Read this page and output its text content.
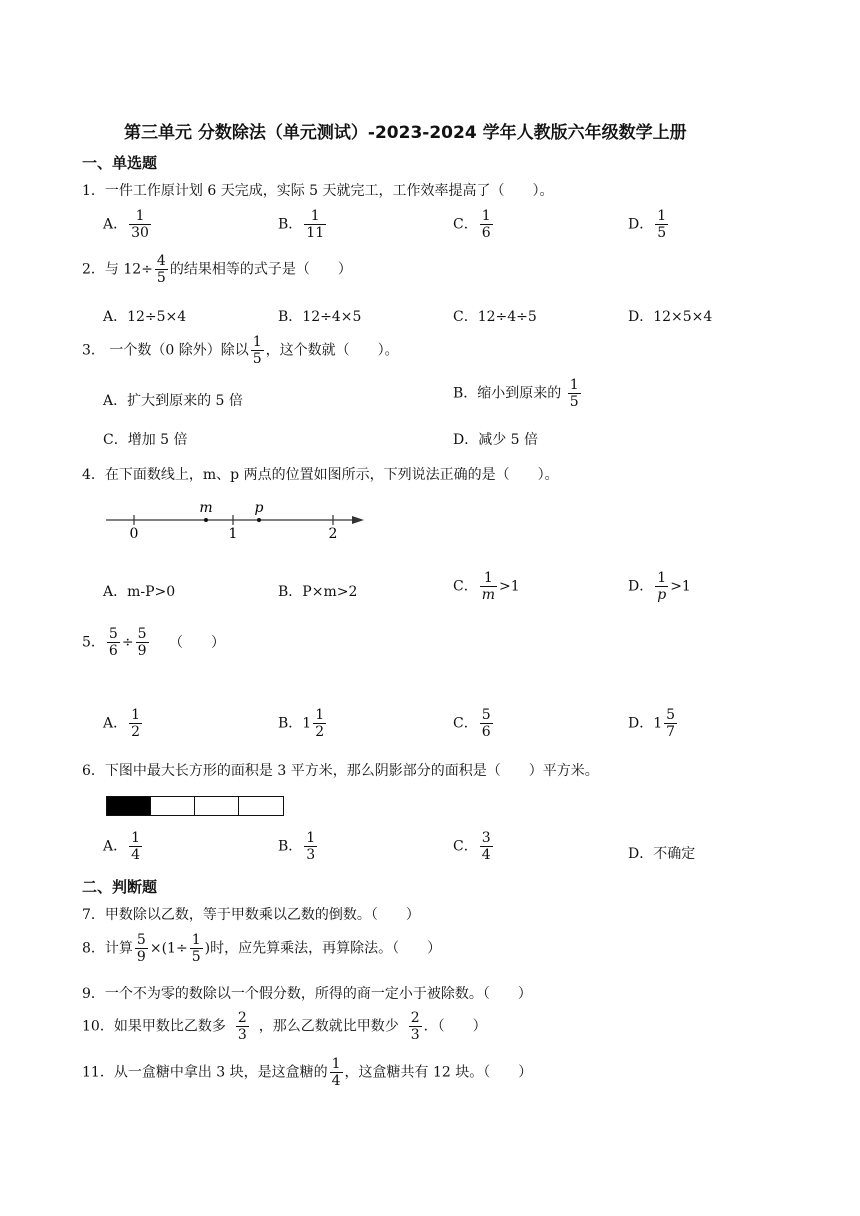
第三单元 分数除法（单元测试）-2023-2024 学年人教版六年级数学上册
一、单选题
1．一件工作原计划 6 天完成，实际 5 天就完工，工作效率提高了（　　）。
A． $\frac{1}{30}$	B． $\frac{1}{11}$	C． $\frac{1}{6}$	D． $\frac{1}{5}$
2．与 $12\div \frac{4}{5}$ 的结果相等的式子是（　　）
A．12÷5×4	B．12÷4×5	C．12÷4÷5	D．12×5×4
3． 一个数（0 除外）除以 $\frac{1}{5}$ ，这个数就（　　）。
A．扩大到原来的 5 倍	B．缩小到原来的 $\frac{1}{5}$
C．增加 5 倍	D．减少 5 倍
4．在下面数线上，m、p 两点的位置如图所示，下列说法正确的是（　　）。
0	1	2
m	p
A．m-P>0	B．P×m>2	C． $\frac{1}{m} >1$	D． $\frac{1}{p} >1$
5． $\frac{5}{6} \div \frac{5}{9}$ （　　）
A． $\frac{1}{2}$	B．$1 \frac{1}{2}$	C． $\frac{5}{6}$	D．$1 \frac{5}{7}$
6．下图中最大长方形的面积是 3 平方米，那么阴影部分的面积是（　　）平方米。
A． $\frac{1}{4}$	B． $\frac{1}{3}$	C． $\frac{3}{4}$	D．不确定
二、判断题
7．甲数除以乙数，等于甲数乘以乙数的倒数。（　　）
8．计算 $\frac{5}{9} \times(1\div \frac{1}{5}$ )时，应先算乘法，再算除法。（　　）
9．一个不为零的数除以一个假分数，所得的商一定小于被除数。（　　）
10．如果甲数比乙数多 $\frac{2}{3}$ ，那么乙数就比甲数少 $\frac{2}{3}$ ．（　　）
11．从一盒糖中拿出 3 块，是这盒糖的 $\frac{1}{4}$ ，这盒糖共有 12 块。（　　）
